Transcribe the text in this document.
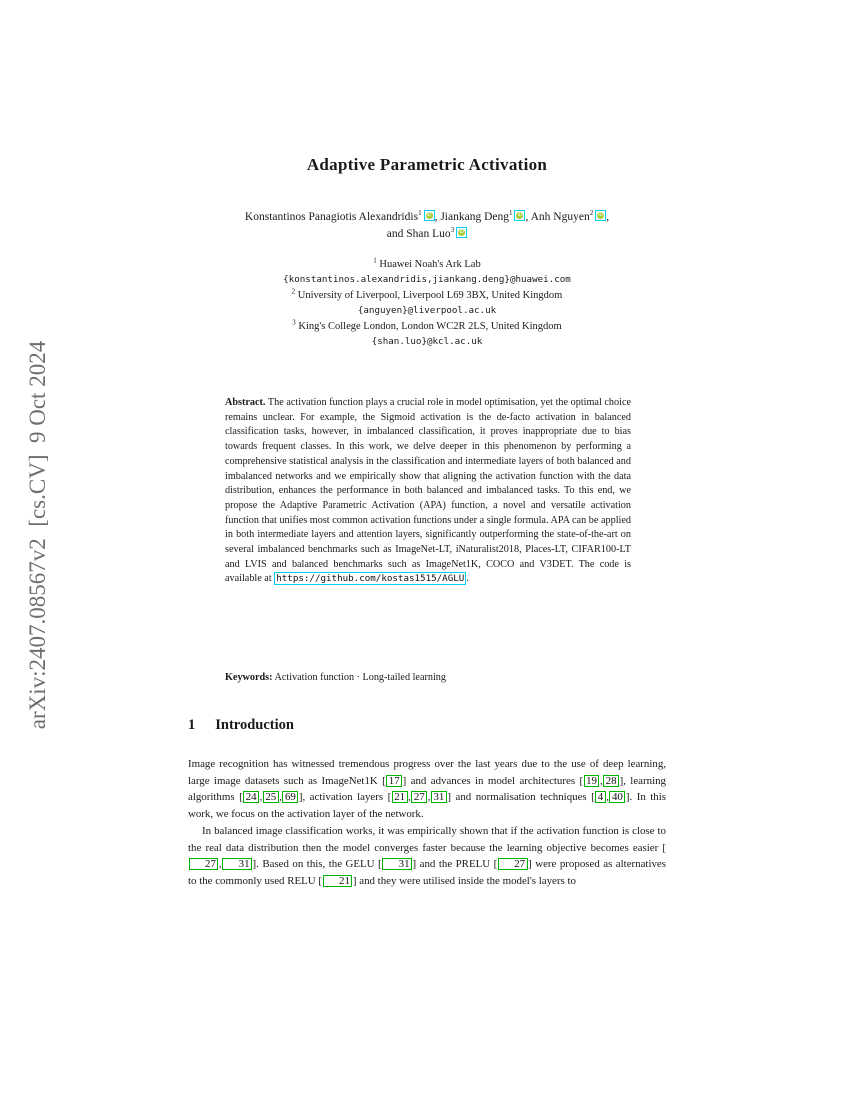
arXiv:2407.08567v2  [cs.CV]  9 Oct 2024
Adaptive Parametric Activation
Konstantinos Panagiotis Alexandridis$^1$ iD , Jiankang Deng$^1$ iD , Anh Nguyen$^2$ iD ,
and Shan Luo$^3$ iD
$^1$ Huawei Noah's Ark Lab
{konstantinos.alexandridis,jiankang.deng}@huawei.com
$^2$ University of Liverpool, Liverpool L69 3BX, United Kingdom
{anguyen}@liverpool.ac.uk
$^3$ King's College London, London WC2R 2LS, United Kingdom
{shan.luo}@kcl.ac.uk
Abstract. The activation function plays a crucial role in model optimisation, yet the optimal choice remains unclear. For example, the Sigmoid activation is the de-facto activation in balanced classification tasks, however, in imbalanced classification, it proves inappropriate due to bias towards frequent classes. In this work, we delve deeper in this phenomenon by performing a comprehensive statistical analysis in the classification and intermediate layers of both balanced and imbalanced networks and we empirically show that aligning the activation function with the data distribution, enhances the performance in both balanced and imbalanced tasks. To this end, we propose the Adaptive Parametric Activation (APA) function, a novel and versatile activation function that unifies most common activation functions under a single formula. APA can be applied in both intermediate layers and attention layers, significantly outperforming the state-of-the-art on several imbalanced benchmarks such as ImageNet-LT, iNaturalist2018, Places-LT, CIFAR100-LT and LVIS and balanced benchmarks such as ImageNet1K, COCO and V3DET. The code is available at https://github.com/kostas1515/AGLU .
Keywords: Activation function · Long-tailed learning
1 Introduction

Image recognition has witnessed tremendous progress over the last years due to the use of deep learning, large image datasets such as ImageNet1K [ 17 ] and advances in model architectures [ 19 , 28 ], learning algorithms [ 24 , 25 , 69 ], activation layers [ 21 , 27 , 31 ] and normalisation techniques [ 4 , 40 ]. In this work, we focus on the activation layer of the network.

In balanced image classification works, it was empirically shown that if the activation function is close to the real data distribution then the model converges faster because the learning objective becomes easier [27 , 31 ]. Based on this, the GELU [ 31 ] and the PRELU [ 27 ] were proposed as alternatives to the commonly used RELU [ 21 ] and they were utilised inside the model's layers to
